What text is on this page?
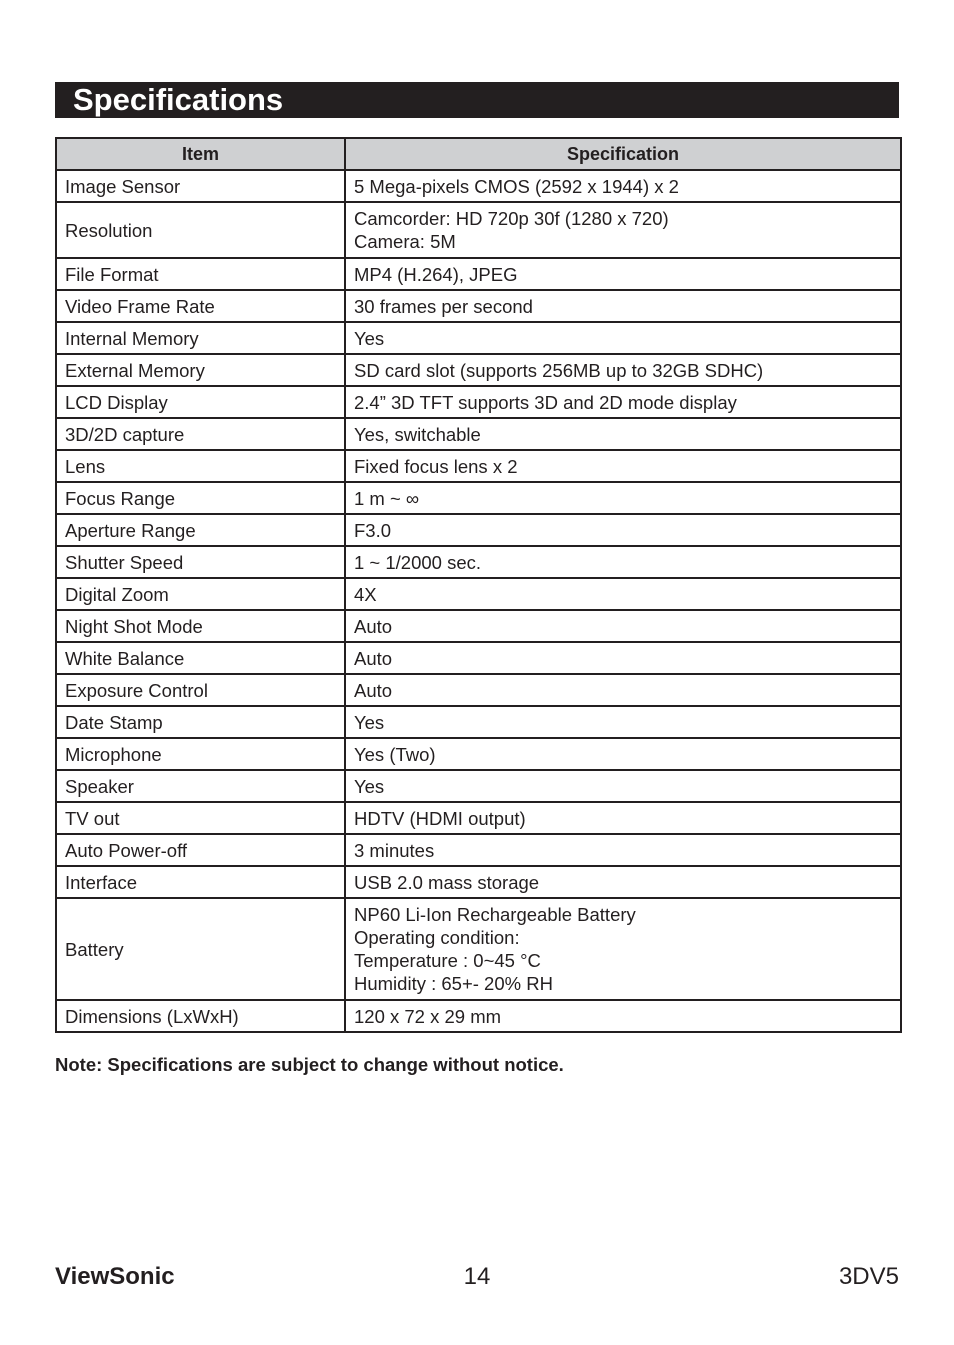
Specifications
Item	Specification
Image Sensor	5 Mega-pixels CMOS (2592 x 1944) x 2

Resolution	Camcorder: HD 720p 30f (1280 x 720)
Camera: 5M

File Format	MP4 (H.264), JPEG

Video Frame Rate	30 frames per second

Internal Memory	Yes

External Memory	SD card slot (supports 256MB up to 32GB SDHC)

LCD Display	2.4” 3D TFT supports 3D and 2D mode display

3D/2D capture	Yes, switchable

Lens	Fixed focus lens x 2

Focus Range	1 m ~ ∞

Aperture Range	F3.0

Shutter Speed	1 ~ 1/2000 sec.

Digital Zoom	4X

Night Shot Mode	Auto

White Balance	Auto

Exposure Control	Auto

Date Stamp	Yes

Microphone	Yes (Two)

Speaker	Yes

TV out	HDTV (HDMI output)

Auto Power-off	3 minutes

Interface	USB 2.0 mass storage

Battery	NP60 Li-Ion Rechargeable Battery
Operating condition:
Temperature : 0~45 °C
Humidity : 65+- 20% RH

Dimensions (LxWxH)	120 x 72 x 29 mm
Note: Specifications are subject to change without notice.
ViewSonic	14	3DV5
